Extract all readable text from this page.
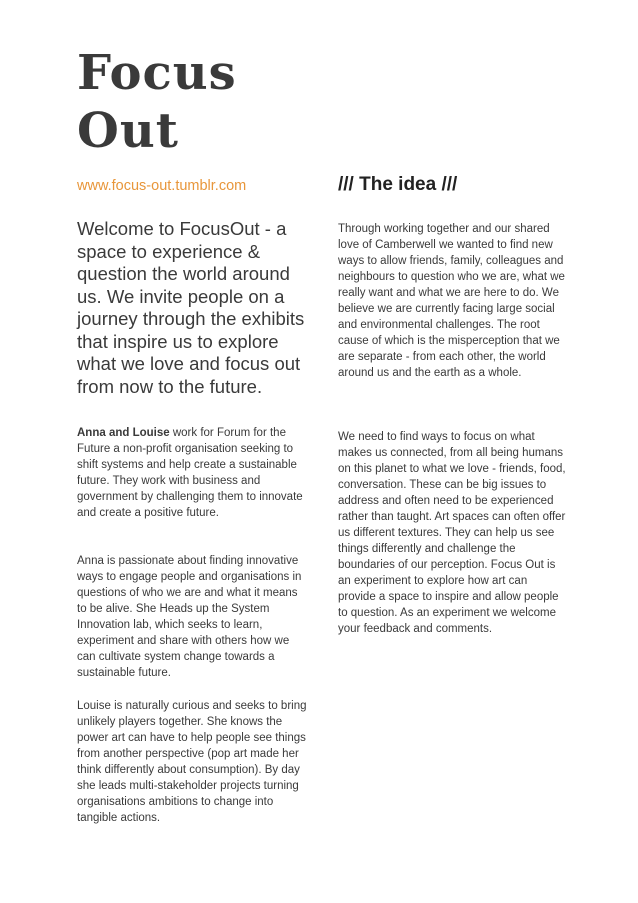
Focus
Out
www.focus-out.tumblr.com

Welcome to FocusOut - a space to experience & question the world around us. We invite people on a journey through the exhibits that inspire us to explore what we love and focus out from now to the future.

Anna and Louise work for Forum for the Future a non-profit organisation seeking to shift systems and help create a sustainable future. They work with business and government by challenging them to innovate and create a positive future.

Anna is passionate about finding innovative ways to engage people and organisations in questions of who we are and what it means to be alive. She Heads up the System Innovation lab, which seeks to learn, experiment and share with others how we can cultivate system change towards a sustainable future.

Louise is naturally curious and seeks to bring unlikely players together. She knows the power art can have to help people see things from another perspective (pop art made her think differently about consumption). By day she leads multi-stakeholder projects turning organisations ambitions to change into tangible actions.

/// The idea ///

Through working together and our shared love of Camberwell we wanted to find new ways to allow friends, family, colleagues and neighbours to question who we are, what we really want and what we are here to do. We believe we are currently facing large social and environmental challenges. The root cause of which is the misperception that we are separate - from each other, the world around us and the earth as a whole.

We need to find ways to focus on what makes us connected, from all being humans on this planet to what we love - friends, food, conversation. These can be big issues to address and often need to be experienced rather than taught. Art spaces can often offer us different textures. They can help us see things differently and challenge the boundaries of our perception. Focus Out is an experiment to explore how art can provide a space to inspire and allow people to question. As an experiment we welcome your feedback and comments.
